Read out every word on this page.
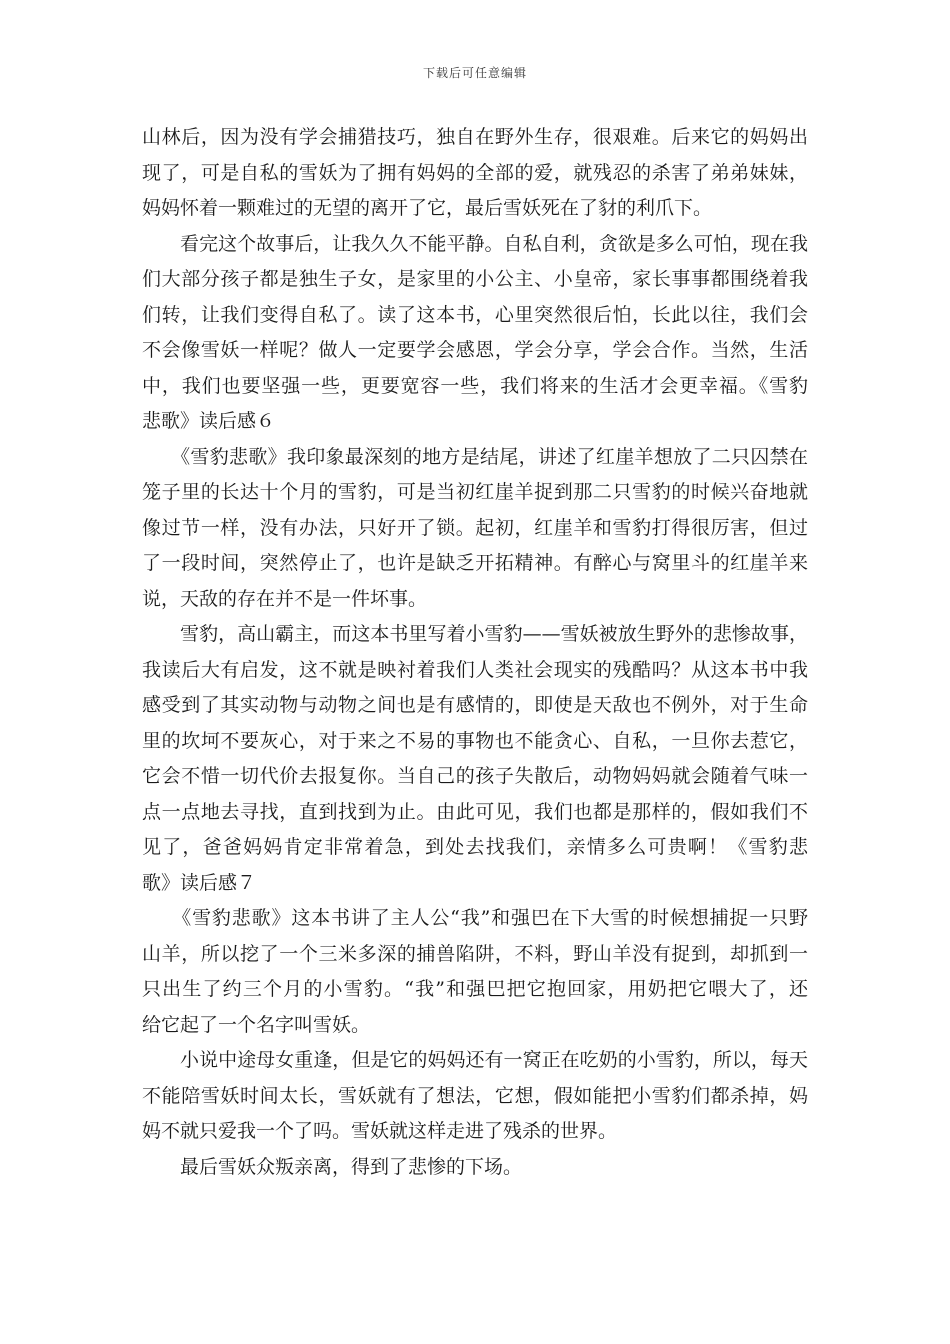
下载后可任意编辑
山林后，因为没有学会捕猎技巧，独自在野外生存，很艰难。后来它的妈妈出
现了，可是自私的雪妖为了拥有妈妈的全部的爱，就残忍的杀害了弟弟妹妹，
妈妈怀着一颗难过的无望的离开了它，最后雪妖死在了豺的利爪下。
　　看完这个故事后，让我久久不能平静。自私自利，贪欲是多么可怕，现在我
们大部分孩子都是独生子女，是家里的小公主、小皇帝，家长事事都围绕着我
们转，让我们变得自私了。读了这本书，心里突然很后怕，长此以往，我们会
不会像雪妖一样呢？做人一定要学会感恩，学会分享，学会合作。当然，生活
中，我们也要坚强一些，更要宽容一些，我们将来的生活才会更幸福。《雪豹
悲歌》读后感６
　　《雪豹悲歌》我印象最深刻的地方是结尾，讲述了红崖羊想放了二只囚禁在
笼子里的长达十个月的雪豹，可是当初红崖羊捉到那二只雪豹的时候兴奋地就
像过节一样，没有办法，只好开了锁。起初，红崖羊和雪豹打得很厉害，但过
了一段时间，突然停止了，也许是缺乏开拓精神。有醉心与窝里斗的红崖羊来
说，天敌的存在并不是一件坏事。
　　雪豹，高山霸主，而这本书里写着小雪豹——雪妖被放生野外的悲惨故事，
我读后大有启发，这不就是映衬着我们人类社会现实的残酷吗？从这本书中我
感受到了其实动物与动物之间也是有感情的，即使是天敌也不例外，对于生命
里的坎坷不要灰心，对于来之不易的事物也不能贪心、自私，一旦你去惹它，
它会不惜一切代价去报复你。当自己的孩子失散后，动物妈妈就会随着气味一
点一点地去寻找，直到找到为止。由此可见，我们也都是那样的，假如我们不
见了，爸爸妈妈肯定非常着急，到处去找我们，亲情多么可贵啊！《雪豹悲
歌》读后感７
　　《雪豹悲歌》这本书讲了主人公“我”和强巴在下大雪的时候想捕捉一只野
山羊，所以挖了一个三米多深的捕兽陷阱，不料，野山羊没有捉到，却抓到一
只出生了约三个月的小雪豹。“我”和强巴把它抱回家，用奶把它喂大了，还
给它起了一个名字叫雪妖。
　　小说中途母女重逢，但是它的妈妈还有一窝正在吃奶的小雪豹，所以，每天
不能陪雪妖时间太长，雪妖就有了想法，它想，假如能把小雪豹们都杀掉，妈
妈不就只爱我一个了吗。雪妖就这样走进了残杀的世界。
　　最后雪妖众叛亲离，得到了悲惨的下场。
